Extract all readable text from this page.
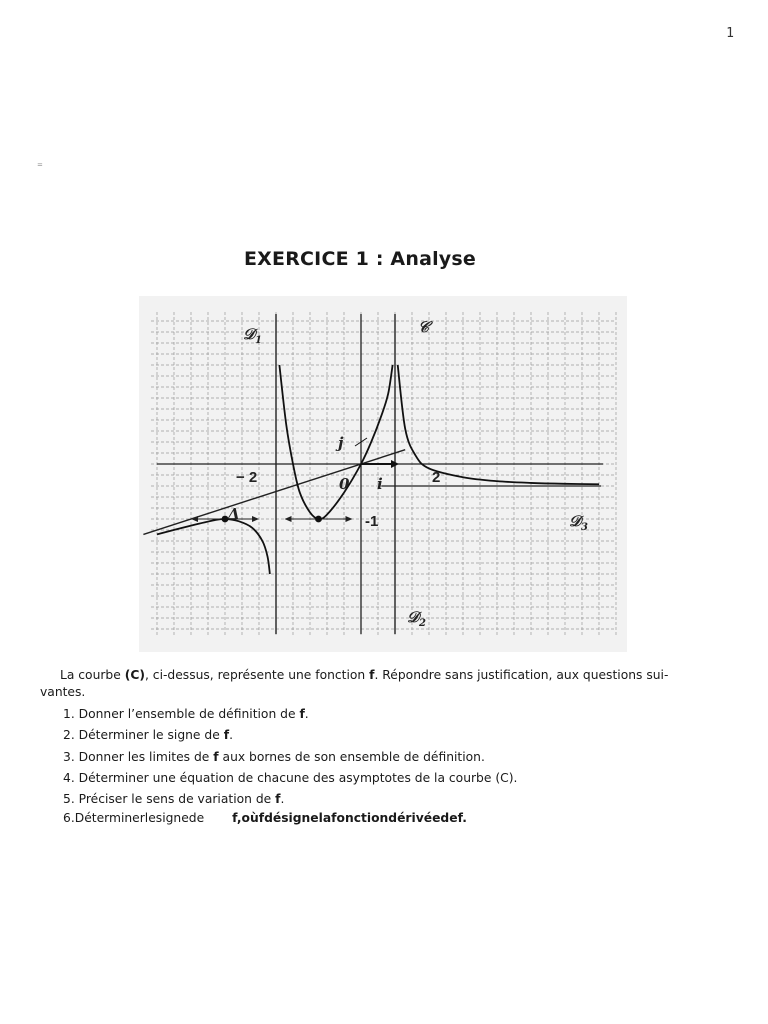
1
=
EXERCICE 1 : Analyse
𝒟$_1$
𝒞
𝒟$_2$
𝒟$_3$
Δ
0 i
j
− 2	2
-1

La courbe (C), ci-dessus, représente une fonction f. Répondre sans justification, aux questions sui-vantes.

1. Donner l’ensemble de définition de f.
2. Déterminer le signe de f.
3. Donner les limites de f aux bornes de son ensemble de définition.
4. Déterminer une équation de chacune des asymptotes de la courbe (C).
5. Préciser le sens de variation de f.
6.Déterminerlesignede f,oùfdésignelafonctiondérivéedef.
